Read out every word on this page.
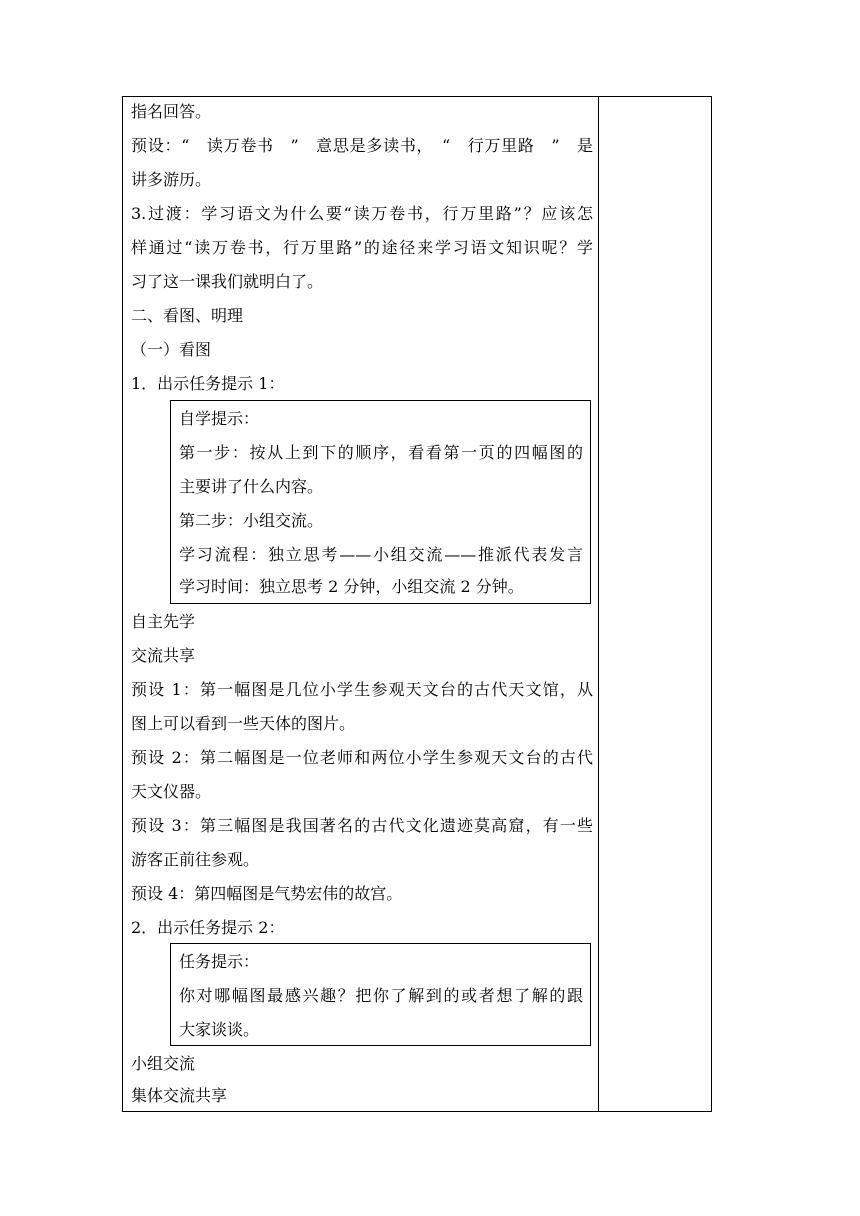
指名回答。
预设：“　读万卷书　”　意思是多读书，　“　行万里路　”　是
讲多游历。
3.过渡：学习语文为什么要“读万卷书，行万里路”？应该怎
样通过“读万卷书，行万里路”的途径来学习语文知识呢？学
习了这一课我们就明白了。
二、看图、明理
（一）看图
1．出示任务提示 1：
自学提示：
第一步：按从上到下的顺序，看看第一页的四幅图的
主要讲了什么内容。
第二步：小组交流。
学习流程：独立思考——小组交流——推派代表发言
学习时间：独立思考 2 分钟，小组交流 2 分钟。
自主先学
交流共享
预设 1：第一幅图是几位小学生参观天文台的古代天文馆，从
图上可以看到一些天体的图片。
预设 2：第二幅图是一位老师和两位小学生参观天文台的古代
天文仪器。
预设 3：第三幅图是我国著名的古代文化遗迹莫高窟，有一些
游客正前往参观。
预设 4：第四幅图是气势宏伟的故宫。
2．出示任务提示 2：
任务提示：
你对哪幅图最感兴趣？把你了解到的或者想了解的跟
大家谈谈。
小组交流
集体交流共享
